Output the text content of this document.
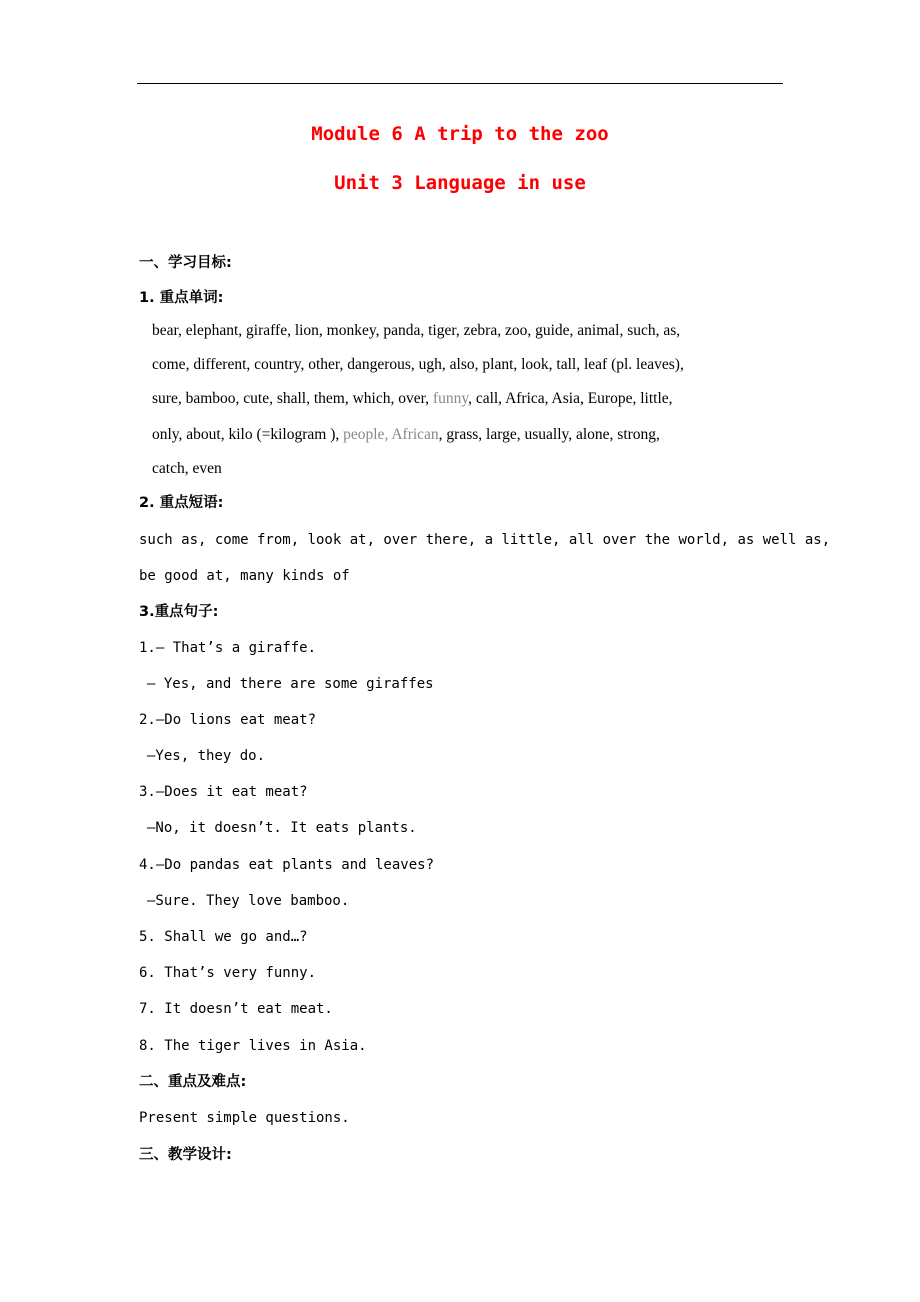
Module 6 A trip to the zoo
Unit 3 Language in use
一、学习目标:
1. 重点单词:
bear, elephant, giraffe, lion, monkey, panda, tiger, zebra, zoo, guide, animal, such, as,
come, different, country, other, dangerous, ugh, also, plant, look, tall, leaf (pl. leaves),
sure, bamboo, cute, shall, them, which, over, funny, call, Africa, Asia, Europe, little,
only, about, kilo (=kilogram ), people, African, grass, large, usually, alone, strong,
catch, even
2. 重点短语:
such as, come from, look at, over there, a little, all over the world, as well as,
be good at, many kinds of
3.重点句子:
1.— That’s a giraffe.
— Yes, and there are some giraffes
2.—Do lions eat meat?
—Yes, they do.
3.—Does it eat meat?
—No, it doesn’t. It eats plants.
4.—Do pandas eat plants and leaves?
—Sure. They love bamboo.
5. Shall we go and…?
6. That’s very funny.
7. It doesn’t eat meat.
8. The tiger lives in Asia.
二、重点及难点:
Present simple questions.
三、教学设计:
